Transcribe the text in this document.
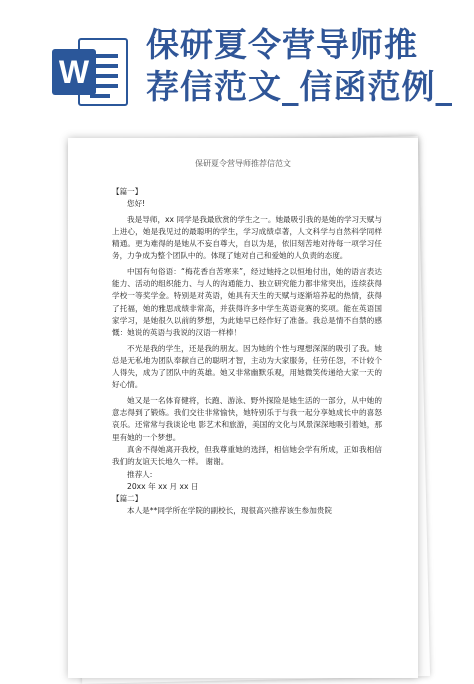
W
保研夏令营导师推
荐信范文_信函范例_
保研夏令营导师推荐信范文

【篇一】

您好!

我是导师，xx 同学是我最欣赏的学生之一。她最吸引我的是她的学习天赋与上进心，她是我见过的最聪明的学生，学习成绩卓著，人文科学与自然科学同样精通。更为难得的是她从不妄自尊大，自以为是，依旧刻苦地对待每一项学习任务，力争成为整个团队中的。体现了她对自己和爱她的人负责的态度。

中国有句俗语：“梅花香自苦寒来”，经过她持之以恒地付出，她的语言表达能力、活动的组织能力、与人的沟通能力、独立研究能力都非常突出，连续获得学校一等奖学金。特别是对英语，她具有天生的天赋与逐渐培养起的热情，获得了托福，她的雅思成绩非常高，并获得许多中学生英语竞赛的奖项。能在英语国家学习，是她很久以前的梦想，为此她早已经作好了准备。我总是情不自禁的感慨：她说的英语与我说的汉语一样棒！

不光是我的学生，还是我的朋友。因为她的个性与理想深深的吸引了我。她总是无私地为团队奉献自己的聪明才智，主动为大家服务，任劳任怨，不计较个人得失，成为了团队中的英雄。她又非常幽默乐观，用她微笑传递给大家一天的好心情。

她又是一名体育健将，长跑、游泳、野外探险是她生活的一部分，从中她的意志得到了锻炼。我们交往非常愉快，她特别乐于与我一起分享她成长中的喜怒哀乐。还常常与我谈论电 影艺术和旅游，美国的文化与风景深深地吸引着她，那里有她的一个梦想。

真舍不得她离开我校，但我尊重她的选择，相信她会学有所成，正如我相信我们的友谊天长地久一样。 谢谢。

推荐人:

20xx 年 xx 月 xx 日

【篇二】

本人是**同学所在学院的副校长，现很高兴推荐该生参加贵院
